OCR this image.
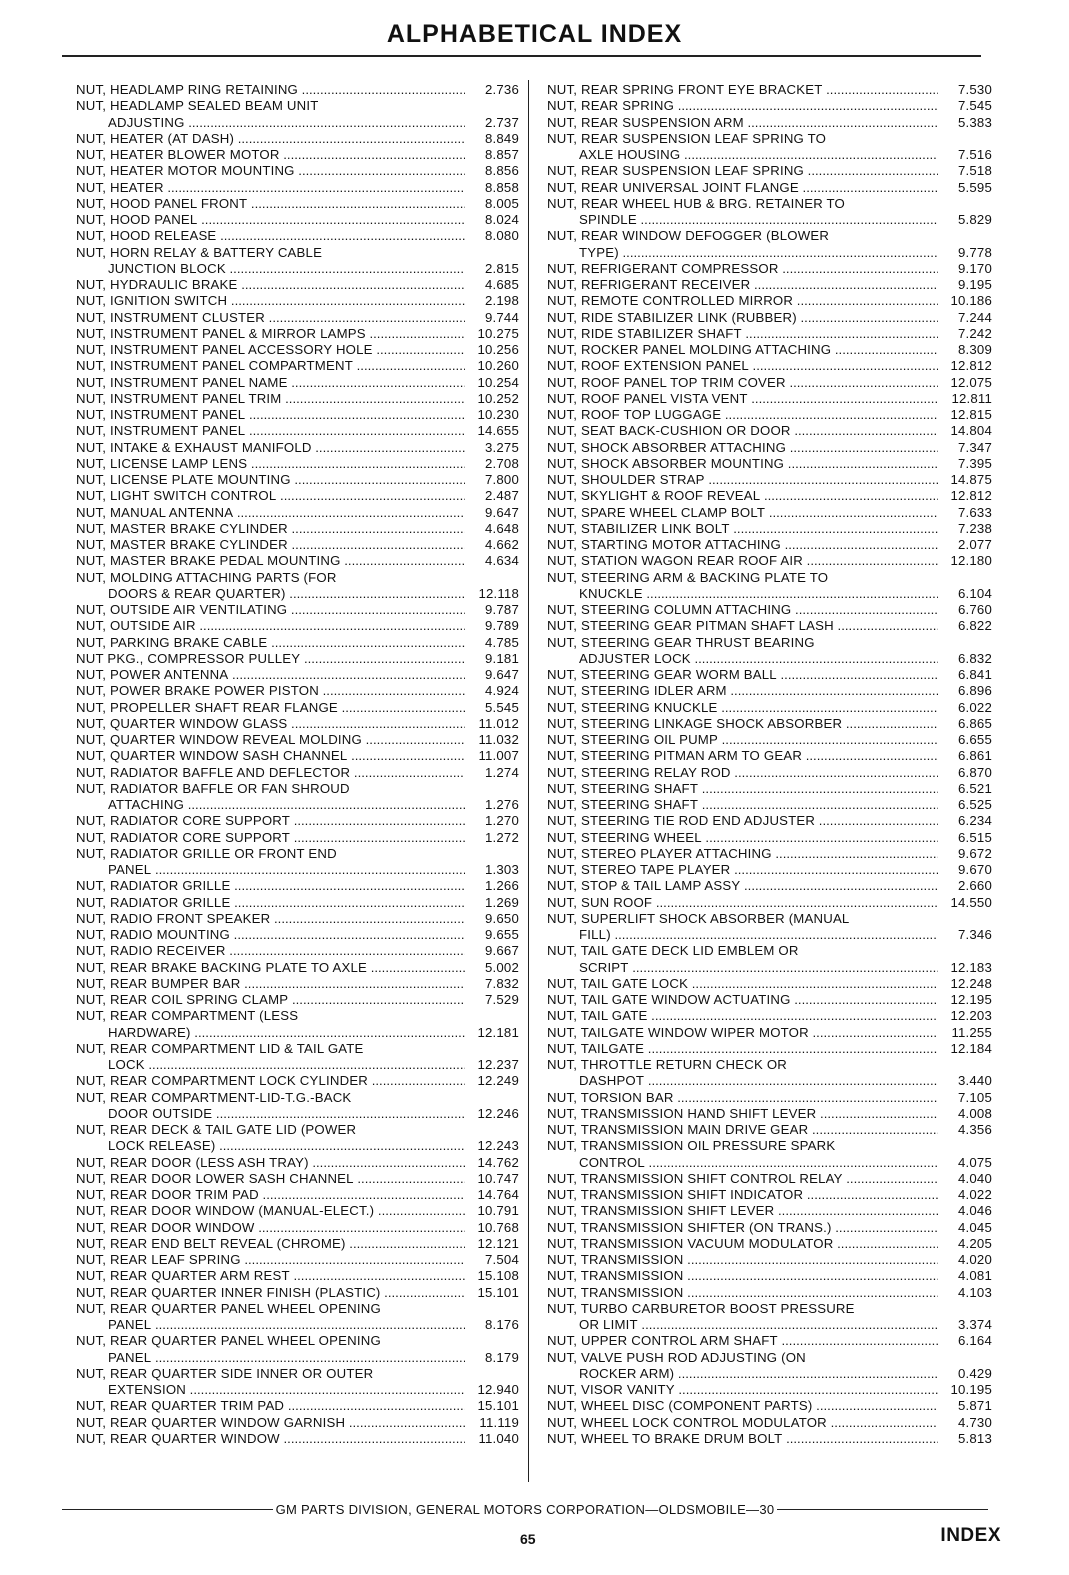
ALPHABETICAL INDEX
NUT, HEADLAMP RING RETAINING .....	2.736
NUT, HEADLAMP SEALED BEAM UNIT
ADJUSTING .....	2.737
NUT, HEATER (AT DASH) .....	8.849
NUT, HEATER BLOWER MOTOR .....	8.857
NUT, HEATER MOTOR MOUNTING .....	8.856
NUT, HEATER .....	8.858
NUT, HOOD PANEL FRONT .....	8.005
NUT, HOOD PANEL .....	8.024
NUT, HOOD RELEASE .....	8.080
NUT, HORN RELAY & BATTERY CABLE
JUNCTION BLOCK .....	2.815
NUT, HYDRAULIC BRAKE .....	4.685
NUT, IGNITION SWITCH .....	2.198
NUT, INSTRUMENT CLUSTER .....	9.744
NUT, INSTRUMENT PANEL & MIRROR LAMPS .....	10.275
NUT, INSTRUMENT PANEL ACCESSORY HOLE .....	10.256
NUT, INSTRUMENT PANEL COMPARTMENT .....	10.260
NUT, INSTRUMENT PANEL NAME .....	10.254
NUT, INSTRUMENT PANEL TRIM .....	10.252
NUT, INSTRUMENT PANEL .....	10.230
NUT, INSTRUMENT PANEL .....	14.655
NUT, INTAKE & EXHAUST MANIFOLD .....	3.275
NUT, LICENSE LAMP LENS .....	2.708
NUT, LICENSE PLATE MOUNTING .....	7.800
NUT, LIGHT SWITCH CONTROL .....	2.487
NUT, MANUAL ANTENNA .....	9.647
NUT, MASTER BRAKE CYLINDER .....	4.648
NUT, MASTER BRAKE CYLINDER .....	4.662
NUT, MASTER BRAKE PEDAL MOUNTING .....	4.634
NUT, MOLDING ATTACHING PARTS (FOR
DOORS & REAR QUARTER) .....	12.118
NUT, OUTSIDE AIR VENTILATING .....	9.787
NUT, OUTSIDE AIR .....	9.789
NUT, PARKING BRAKE CABLE .....	4.785
NUT PKG., COMPRESSOR PULLEY .....	9.181
NUT, POWER ANTENNA .....	9.647
NUT, POWER BRAKE POWER PISTON .....	4.924
NUT, PROPELLER SHAFT REAR FLANGE .....	5.545
NUT, QUARTER WINDOW GLASS .....	11.012
NUT, QUARTER WINDOW REVEAL MOLDING .....	11.032
NUT, QUARTER WINDOW SASH CHANNEL .....	11.007
NUT, RADIATOR BAFFLE AND DEFLECTOR .....	1.274
NUT, RADIATOR BAFFLE OR FAN SHROUD
ATTACHING .....	1.276
NUT, RADIATOR CORE SUPPORT .....	1.270
NUT, RADIATOR CORE SUPPORT .....	1.272
NUT, RADIATOR GRILLE OR FRONT END
PANEL .....	1.303
NUT, RADIATOR GRILLE .....	1.266
NUT, RADIATOR GRILLE .....	1.269
NUT, RADIO FRONT SPEAKER .....	9.650
NUT, RADIO MOUNTING .....	9.655
NUT, RADIO RECEIVER .....	9.667
NUT, REAR BRAKE BACKING PLATE TO AXLE .....	5.002
NUT, REAR BUMPER BAR .....	7.832
NUT, REAR COIL SPRING CLAMP .....	7.529
NUT, REAR COMPARTMENT (LESS
HARDWARE) .....	12.181
NUT, REAR COMPARTMENT LID & TAIL GATE
LOCK .....	12.237
NUT, REAR COMPARTMENT LOCK CYLINDER .....	12.249
NUT, REAR COMPARTMENT-LID-T.G.-BACK
DOOR OUTSIDE .....	12.246
NUT, REAR DECK & TAIL GATE LID (POWER
LOCK RELEASE) .....	12.243
NUT, REAR DOOR (LESS ASH TRAY) .....	14.762
NUT, REAR DOOR LOWER SASH CHANNEL .....	10.747
NUT, REAR DOOR TRIM PAD .....	14.764
NUT, REAR DOOR WINDOW (MANUAL-ELECT.) .....	10.791
NUT, REAR DOOR WINDOW .....	10.768
NUT, REAR END BELT REVEAL (CHROME) .....	12.121
NUT, REAR LEAF SPRING .....	7.504
NUT, REAR QUARTER ARM REST .....	15.108
NUT, REAR QUARTER INNER FINISH (PLASTIC) .....	15.101
NUT, REAR QUARTER PANEL WHEEL OPENING
PANEL .....	8.176
NUT, REAR QUARTER PANEL WHEEL OPENING
PANEL .....	8.179
NUT, REAR QUARTER SIDE INNER OR OUTER
EXTENSION .....	12.940
NUT, REAR QUARTER TRIM PAD .....	15.101
NUT, REAR QUARTER WINDOW GARNISH .....	11.119
NUT, REAR QUARTER WINDOW .....	11.040
NUT, REAR SPRING FRONT EYE BRACKET .....	7.530
NUT, REAR SPRING .....	7.545
NUT, REAR SUSPENSION ARM .....	5.383
NUT, REAR SUSPENSION LEAF SPRING TO
AXLE HOUSING .....	7.516
NUT, REAR SUSPENSION LEAF SPRING .....	7.518
NUT, REAR UNIVERSAL JOINT FLANGE .....	5.595
NUT, REAR WHEEL HUB & BRG. RETAINER TO
SPINDLE .....	5.829
NUT, REAR WINDOW DEFOGGER (BLOWER
TYPE) .....	9.778
NUT, REFRIGERANT COMPRESSOR .....	9.170
NUT, REFRIGERANT RECEIVER .....	9.195
NUT, REMOTE CONTROLLED MIRROR .....	10.186
NUT, RIDE STABILIZER LINK (RUBBER) .....	7.244
NUT, RIDE STABILIZER SHAFT .....	7.242
NUT, ROCKER PANEL MOLDING ATTACHING .....	8.309
NUT, ROOF EXTENSION PANEL .....	12.812
NUT, ROOF PANEL TOP TRIM COVER .....	12.075
NUT, ROOF PANEL VISTA VENT .....	12.811
NUT, ROOF TOP LUGGAGE .....	12.815
NUT, SEAT BACK-CUSHION OR DOOR .....	14.804
NUT, SHOCK ABSORBER ATTACHING .....	7.347
NUT, SHOCK ABSORBER MOUNTING .....	7.395
NUT, SHOULDER STRAP .....	14.875
NUT, SKYLIGHT & ROOF REVEAL .....	12.812
NUT, SPARE WHEEL CLAMP BOLT .....	7.633
NUT, STABILIZER LINK BOLT .....	7.238
NUT, STARTING MOTOR ATTACHING .....	2.077
NUT, STATION WAGON REAR ROOF AIR .....	12.180
NUT, STEERING ARM & BACKING PLATE TO
KNUCKLE .....	6.104
NUT, STEERING COLUMN ATTACHING .....	6.760
NUT, STEERING GEAR PITMAN SHAFT LASH .....	6.822
NUT, STEERING GEAR THRUST BEARING
ADJUSTER LOCK .....	6.832
NUT, STEERING GEAR WORM BALL .....	6.841
NUT, STEERING IDLER ARM .....	6.896
NUT, STEERING KNUCKLE .....	6.022
NUT, STEERING LINKAGE SHOCK ABSORBER .....	6.865
NUT, STEERING OIL PUMP .....	6.655
NUT, STEERING PITMAN ARM TO GEAR .....	6.861
NUT, STEERING RELAY ROD .....	6.870
NUT, STEERING SHAFT .....	6.521
NUT, STEERING SHAFT .....	6.525
NUT, STEERING TIE ROD END ADJUSTER .....	6.234
NUT, STEERING WHEEL .....	6.515
NUT, STEREO PLAYER ATTACHING .....	9.672
NUT, STEREO TAPE PLAYER .....	9.670
NUT, STOP & TAIL LAMP ASSY .....	2.660
NUT, SUN ROOF .....	14.550
NUT, SUPERLIFT SHOCK ABSORBER (MANUAL
FILL) .....	7.346
NUT, TAIL GATE DECK LID EMBLEM OR
SCRIPT .....	12.183
NUT, TAIL GATE LOCK .....	12.248
NUT, TAIL GATE WINDOW ACTUATING .....	12.195
NUT, TAIL GATE .....	12.203
NUT, TAILGATE WINDOW WIPER MOTOR .....	11.255
NUT, TAILGATE .....	12.184
NUT, THROTTLE RETURN CHECK OR
DASHPOT .....	3.440
NUT, TORSION BAR .....	7.105
NUT, TRANSMISSION HAND SHIFT LEVER .....	4.008
NUT, TRANSMISSION MAIN DRIVE GEAR .....	4.356
NUT, TRANSMISSION OIL PRESSURE SPARK
CONTROL .....	4.075
NUT, TRANSMISSION SHIFT CONTROL RELAY .....	4.040
NUT, TRANSMISSION SHIFT INDICATOR .....	4.022
NUT, TRANSMISSION SHIFT LEVER .....	4.046
NUT, TRANSMISSION SHIFTER (ON TRANS.) .....	4.045
NUT, TRANSMISSION VACUUM MODULATOR .....	4.205
NUT, TRANSMISSION .....	4.020
NUT, TRANSMISSION .....	4.081
NUT, TRANSMISSION .....	4.103
NUT, TURBO CARBURETOR BOOST PRESSURE
OR LIMIT .....	3.374
NUT, UPPER CONTROL ARM SHAFT .....	6.164
NUT, VALVE PUSH ROD ADJUSTING (ON
ROCKER ARM) .....	0.429
NUT, VISOR VANITY .....	10.195
NUT, WHEEL DISC (COMPONENT PARTS) .....	5.871
NUT, WHEEL LOCK CONTROL MODULATOR .....	4.730
NUT, WHEEL TO BRAKE DRUM BOLT .....	5.813
GM PARTS DIVISION, GENERAL MOTORS CORPORATION—OLDSMOBILE—30
65	INDEX
